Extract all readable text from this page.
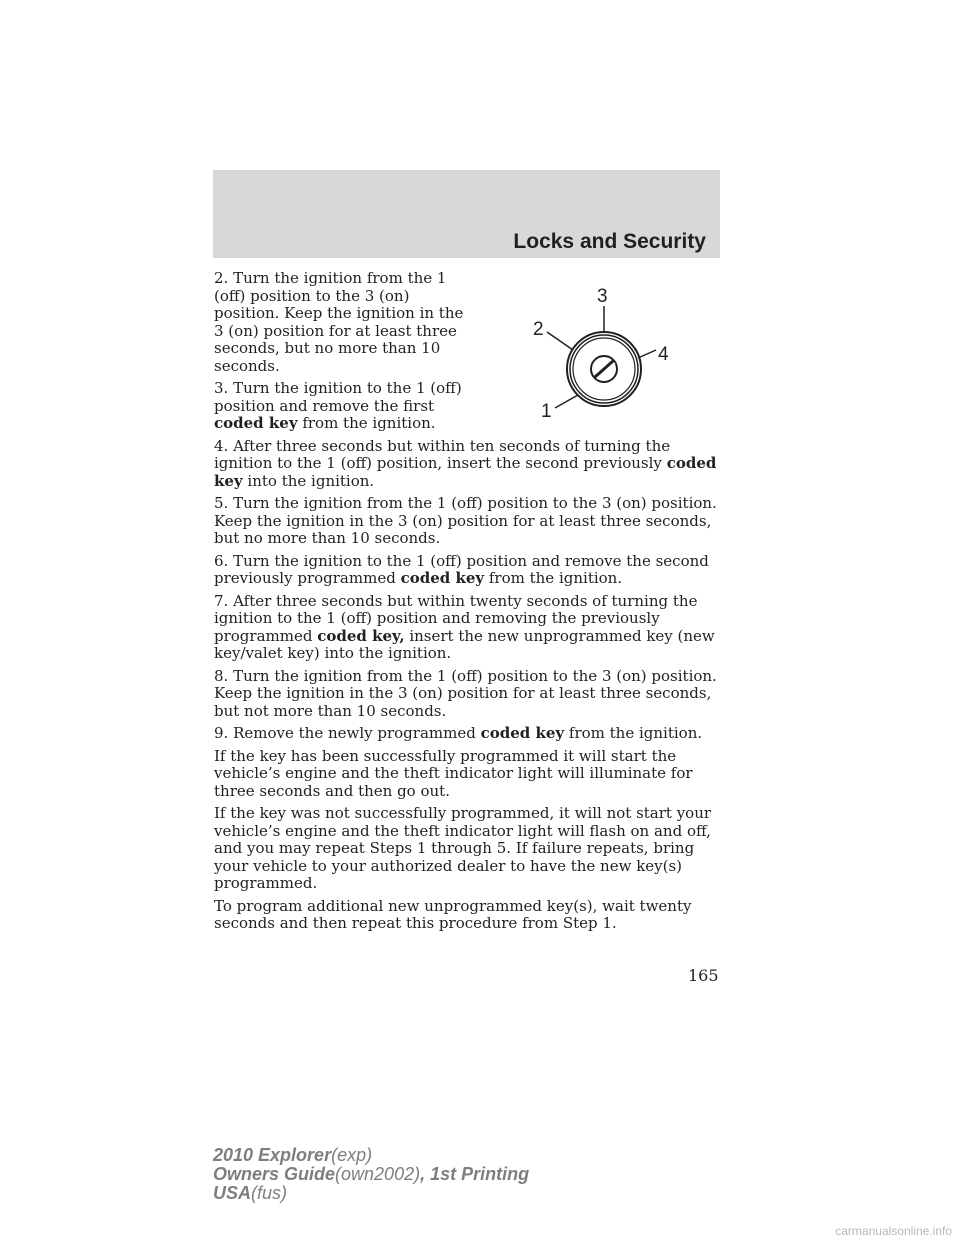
Locks and Security
3
2
4
1

2. Turn the ignition from the 1 (off) position to the 3 (on) position. Keep the ignition in the 3 (on) position for at least three seconds, but no more than 10 seconds.

3. Turn the ignition to the 1 (off) position and remove the first coded key from the ignition.

4. After three seconds but within ten seconds of turning the ignition to the 1 (off) position, insert the second previously coded key into the ignition.

5. Turn the ignition from the 1 (off) position to the 3 (on) position. Keep the ignition in the 3 (on) position for at least three seconds, but no more than 10 seconds.

6. Turn the ignition to the 1 (off) position and remove the second previously programmed coded key from the ignition.

7. After three seconds but within twenty seconds of turning the ignition to the 1 (off) position and removing the previously programmed coded key, insert the new unprogrammed key (new key/valet key) into the ignition.

8. Turn the ignition from the 1 (off) position to the 3 (on) position. Keep the ignition in the 3 (on) position for at least three seconds, but not more than 10 seconds.

9. Remove the newly programmed coded key from the ignition.

If the key has been successfully programmed it will start the vehicle’s engine and the theft indicator light will illuminate for three seconds and then go out.

If the key was not successfully programmed, it will not start your vehicle’s engine and the theft indicator light will flash on and off, and you may repeat Steps 1 through 5. If failure repeats, bring your vehicle to your authorized dealer to have the new key(s) programmed.

To program additional new unprogrammed key(s), wait twenty seconds and then repeat this procedure from Step 1.

165
2010 Explorer(exp)
Owners Guide(own2002), 1st Printing
USA(fus)
carmanualsonline.info
